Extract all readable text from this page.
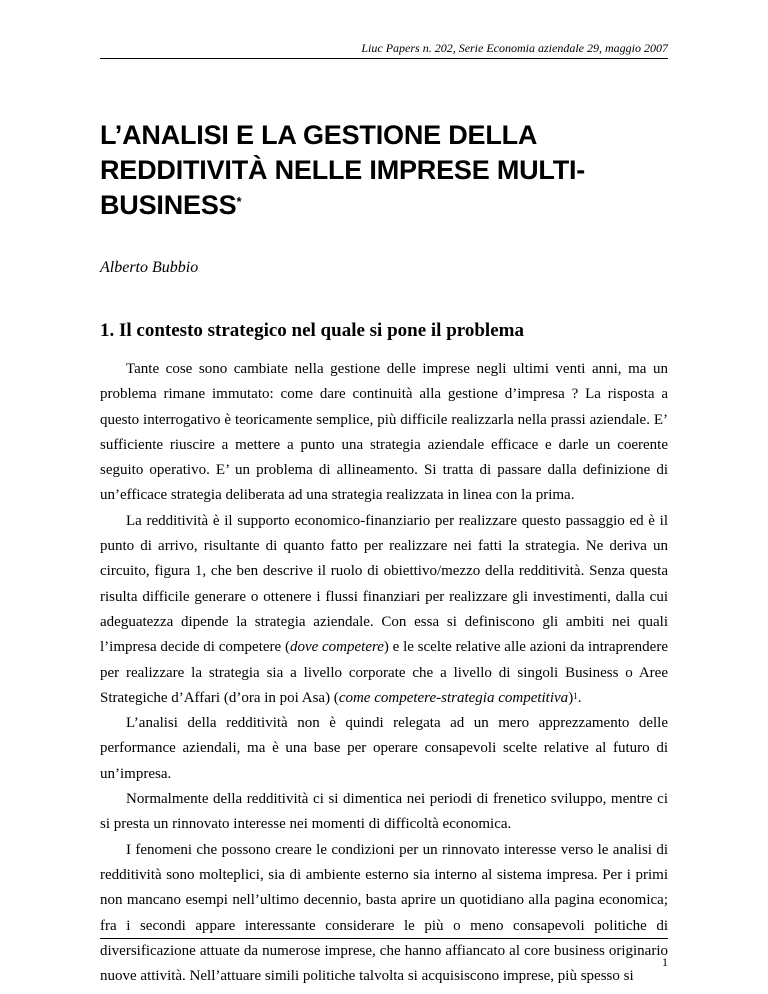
Liuc Papers n. 202, Serie Economia aziendale 29, maggio 2007
L’ANALISI E LA GESTIONE DELLA REDDITIVITÀ NELLE IMPRESE MULTI-BUSINESS*

Alberto Bubbio

1. Il contesto strategico nel quale si pone il problema

Tante cose sono cambiate nella gestione delle imprese negli ultimi venti anni, ma un problema rimane immutato: come dare continuità alla gestione d’impresa ? La risposta a questo interrogativo è teoricamente semplice, più difficile realizzarla nella prassi aziendale. E’ sufficiente riuscire a mettere a punto una strategia aziendale efficace e darle un coerente seguito operativo. E’ un problema di allineamento. Si tratta di passare dalla definizione di un’efficace strategia deliberata ad una strategia realizzata in linea con la prima.

La redditività è il supporto economico-finanziario per realizzare questo passaggio ed è il punto di arrivo, risultante di quanto fatto per realizzare nei fatti la strategia. Ne deriva un circuito, figura 1, che ben descrive il ruolo di obiettivo/mezzo della redditività. Senza questa risulta difficile generare o ottenere i flussi finanziari per realizzare gli investimenti, dalla cui adeguatezza dipende la strategia aziendale. Con essa si definiscono gli ambiti nei quali l’impresa decide di competere (dove competere) e le scelte relative alle azioni da intraprendere per realizzare la strategia sia a livello corporate che a livello di singoli Business o Aree Strategiche d’Affari (d’ora in poi Asa) (come competere-strategia competitiva)$^1$.

L’analisi della redditività non è quindi relegata ad un mero apprezzamento delle performance aziendali, ma è una base per operare consapevoli scelte relative al futuro di un’impresa.

Normalmente della redditività ci si dimentica nei periodi di frenetico sviluppo, mentre ci si presta un rinnovato interesse nei momenti di difficoltà economica.

I fenomeni che possono creare le condizioni per un rinnovato interesse verso le analisi di redditività sono molteplici, sia di ambiente esterno sia interno al sistema impresa. Per i primi non mancano esempi nell’ultimo decennio, basta aprire un quotidiano alla pagina economica; fra i secondi appare interessante considerare le più o meno consapevoli politiche di diversificazione attuate da numerose imprese, che hanno affiancato al core business originario nuove attività. Nell’attuare simili politiche talvolta si acquisiscono imprese, più spesso si

1
